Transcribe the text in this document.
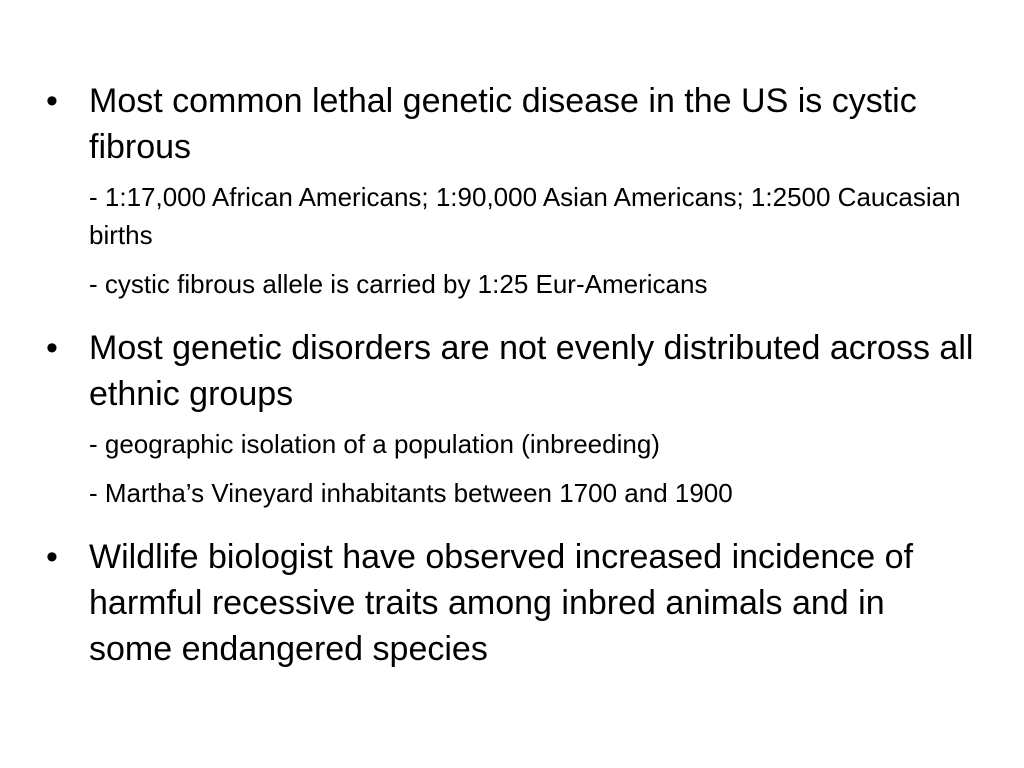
• Most common lethal genetic disease in the US is cystic fibrous
- 1:17,000 African Americans; 1:90,000 Asian Americans; 1:2500 Caucasian births
- cystic fibrous allele is carried by 1:25 Eur-Americans
• Most genetic disorders are not evenly distributed across all ethnic groups
- geographic isolation of a population (inbreeding)
- Martha’s Vineyard inhabitants between 1700 and 1900
• Wildlife biologist have observed increased incidence of harmful recessive traits among inbred animals and in some endangered species
